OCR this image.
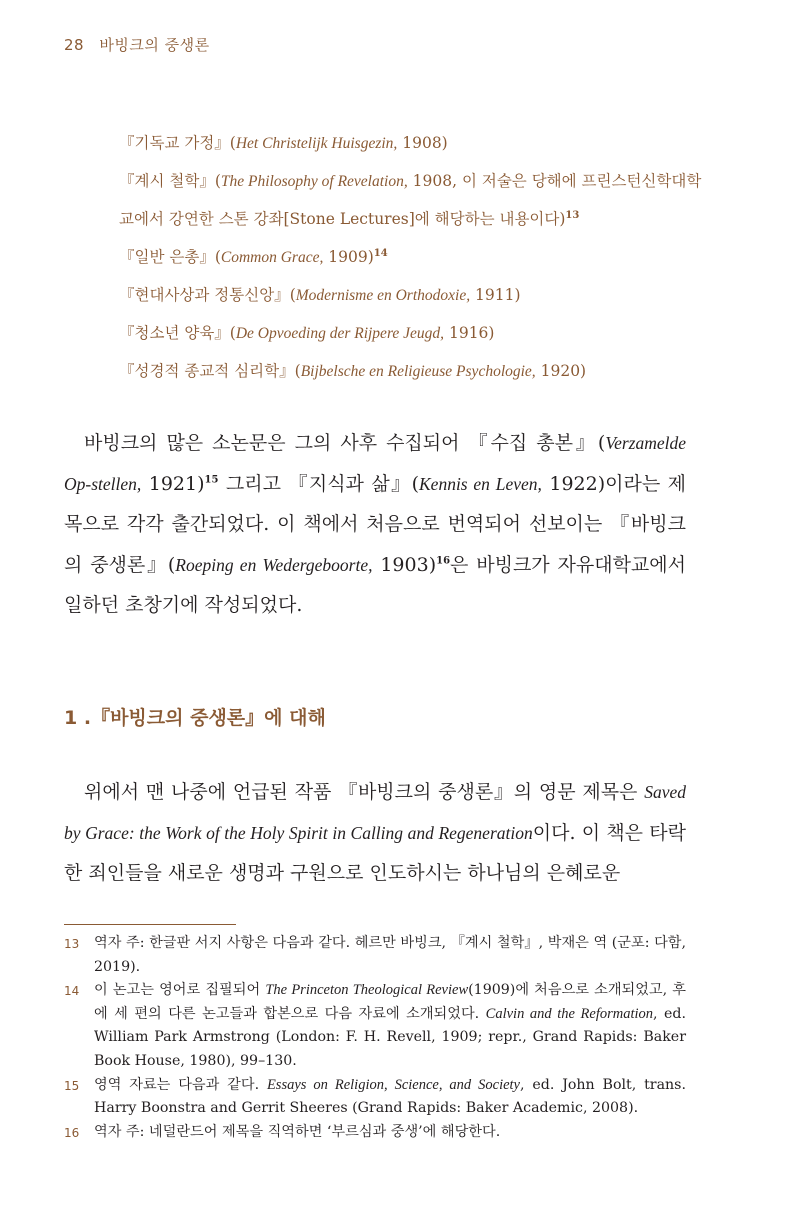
28 바빙크의 중생론
『기독교 가정』(Het Christelijk Huisgezin, 1908)
『계시 철학』(The Philosophy of Revelation, 1908, 이 저술은 당해에 프린스턴신학대학
교에서 강연한 스톤 강좌[Stone Lectures]에 해당하는 내용이다)$^{13}$
『일반 은총』(Common Grace, 1909)$^{14}$
『현대사상과 정통신앙』(Modernisme en Orthodoxie, 1911)
『청소년 양육』(De Opvoeding der Rijpere Jeugd, 1916)
『성경적 종교적 심리학』(Bijbelsche en Religieuse Psychologie, 1920)

바빙크의 많은 소논문은 그의 사후 수집되어 『수집 총본』(Verzamelde Op-stellen, 1921)$^{15}$ 그리고 『지식과 삶』(Kennis en Leven, 1922)이라는 제목으로 각각 출간되었다. 이 책에서 처음으로 번역되어 선보이는 『바빙크의 중생론』(Roeping en Wedergeboorte, 1903)$^{16}$은 바빙크가 자유대학교에서 일하던 초창기에 작성되었다.

1 .『바빙크의 중생론』에 대해

위에서 맨 나중에 언급된 작품 『바빙크의 중생론』의 영문 제목은 Saved by Grace: the Work of the Holy Spirit in Calling and Regeneration이다. 이 책은 타락한 죄인들을 새로운 생명과 구원으로 인도하시는 하나님의 은혜로운

13	역자 주: 한글판 서지 사항은 다음과 같다. 헤르만 바빙크, 『계시 철학』, 박재은 역 (군포: 다함, 2019).
14	이 논고는 영어로 집필되어 The Princeton Theological Review(1909)에 처음으로 소개되었고, 후에 세 편의 다른 논고들과 합본으로 다음 자료에 소개되었다. Calvin and the Reformation, ed. William Park Armstrong (London: F. H. Revell, 1909; repr., Grand Rapids: Baker Book House, 1980), 99–130.
15	영역 자료는 다음과 같다. Essays on Religion, Science, and Society, ed. John Bolt, trans. Harry Boonstra and Gerrit Sheeres (Grand Rapids: Baker Academic, 2008).
16	역자 주: 네덜란드어 제목을 직역하면 ‘부르심과 중생’에 해당한다.
